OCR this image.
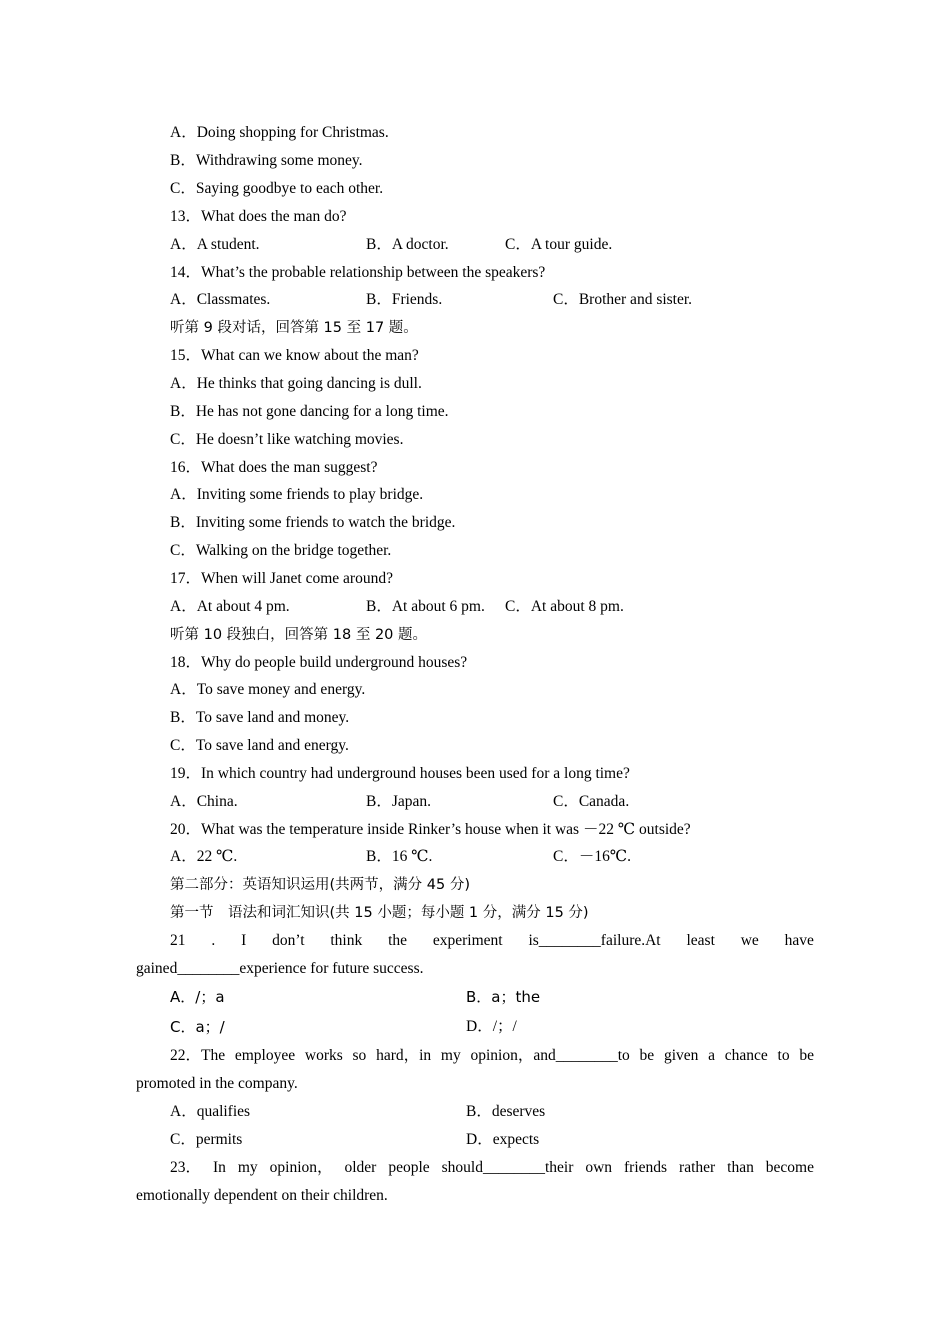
A．Doing shopping for Christmas.
B．Withdrawing some money.
C．Saying goodbye to each other.
13．What does the man do?
A．A student.	B．A doctor.	C．A tour guide.
14．What’s the probable relationship between the speakers?
A．Classmates.	B．Friends.	C．Brother and sister.
听第 9 段对话，回答第 15 至 17 题。
15．What can we know about the man?
A．He thinks that going dancing is dull.
B．He has not gone dancing for a long time.
C．He doesn’t like watching movies.
16．What does the man suggest?
A．Inviting some friends to play bridge.
B．Inviting some friends to watch the bridge.
C．Walking on the bridge together.
17．When will Janet come around?
A．At about 4 pm.	B．At about 6 pm. C．At about 8 pm.
听第 10 段独白，回答第 18 至 20 题。
18．Why do people build underground houses?
A．To save money and energy.
B．To save land and money.
C．To save land and energy.
19．In which country had underground houses been used for a long time?
A．China.	B．Japan.	C．Canada.
20．What was the temperature inside Rinker’s house when it was －22 ℃ outside?
A．22 ℃.	B．16 ℃.	C．－16℃.
第二部分：英语知识运用(共两节，满分 45 分)
第一节　语法和词汇知识(共 15 小题；每小题 1 分，满分 15 分)
21 . I don’t think the experiment is________failure.At least we have
gained________experience for future success.
A．/；a	B．a；the
C．a；/	D．/；/
22．The employee works so hard，in my opinion，and________to be given a chance to be
promoted in the company.
A．qualifies	B．deserves
C．permits	D．expects
23． In my opinion， older people should________their own friends rather than become
emotionally dependent on their children.
